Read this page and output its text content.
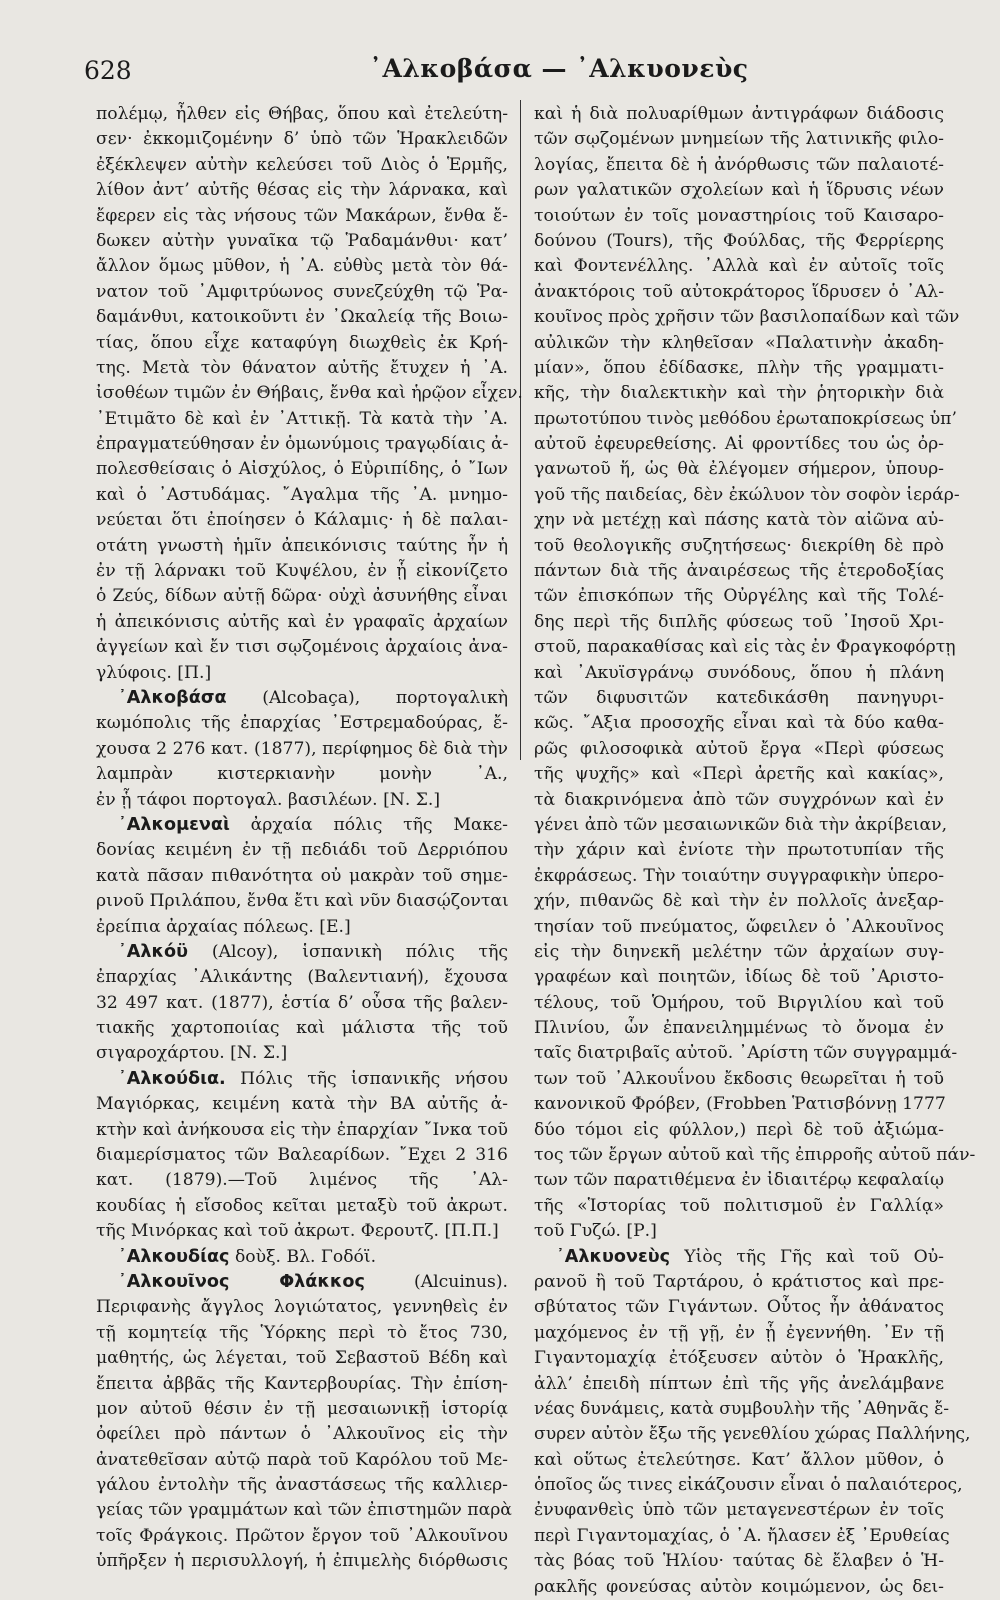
628	᾽Αλκοβάσα — ᾽Αλκυονεὺς
πολέμῳ, ἦλθεν εἰς Θήβας, ὅπου καὶ ἐτελεύτη-
σεν· ἐκκομιζομένην δ’ ὑπὸ τῶν Ἡρακλειδῶν
ἐξέκλεψεν αὐτὴν κελεύσει τοῦ Διὸς ὁ Ἑρμῆς,
λίθον ἀντ’ αὐτῆς θέσας εἰς τὴν λάρνακα, καὶ
ἔφερεν εἰς τὰς νήσους τῶν Μακάρων, ἔνθα ἔ-
δωκεν αὐτὴν γυναῖκα τῷ Ῥαδαμάνθυι· κατ’
ἄλλον ὅμως μῦθον, ἡ ᾽Α. εὐθὺς μετὰ τὸν θά-
νατον τοῦ ᾽Αμφιτρύωνος συνεζεύχθη τῷ Ῥα-
δαμάνθυι, κατοικοῦντι ἐν ᾽Ωκαλείᾳ τῆς Βοιω-
τίας, ὅπου εἶχε καταφύγη διωχθεὶς ἐκ Κρή-
της. Μετὰ τὸν θάνατον αὐτῆς ἔτυχεν ἡ ᾽Α.
ἰσοθέων τιμῶν ἐν Θήβαις, ἔνθα καὶ ἡρῷον εἶχεν.
᾽Ετιμᾶτο δὲ καὶ ἐν ᾽Αττικῇ. Τὰ κατὰ τὴν ᾽Α.
ἐπραγματεύθησαν ἐν ὁμωνύμοις τραγῳδίαις ἀ-
πολεσθείσαις ὁ Αἰσχύλος, ὁ Εὐριπίδης, ὁ ῎Ιων
καὶ ὁ ᾽Αστυδάμας. ῎Αγαλμα τῆς ᾽Α. μνημο-
νεύεται ὅτι ἐποίησεν ὁ Κάλαμις· ἡ δὲ παλαι-
οτάτη γνωστὴ ἡμῖν ἀπεικόνισις ταύτης ἦν ἡ
ἐν τῇ λάρνακι τοῦ Κυψέλου, ἐν ᾗ εἰκονίζετο
ὁ Ζεύς, δίδων αὐτῇ δῶρα· οὐχὶ ἀσυνήθης εἶναι
ἡ ἀπεικόνισις αὐτῆς καὶ ἐν γραφαῖς ἀρχαίων
ἀγγείων καὶ ἔν τισι σῳζομένοις ἀρχαίοις ἀνα-
γλύφοις. [Π.]
᾽Αλκοβάσα (Alcobaça), πορτογαλικὴ
κωμόπολις τῆς ἐπαρχίας ᾽Εστρεμαδούρας, ἔ-
χουσα 2 276 κατ. (1877), περίφημος δὲ διὰ τὴν
λαμπρὰν κιστερκιανὴν μονὴν ᾽Α.,
ἐν ᾗ τάφοι πορτογαλ. βασιλέων. [Ν. Σ.]
᾽Αλκομεναὶ ἀρχαία πόλις τῆς Μακε-
δονίας κειμένη ἐν τῇ πεδιάδι τοῦ Δερριόπου
κατὰ πᾶσαν πιθανότητα οὐ μακρὰν τοῦ σημε-
ρινοῦ Πριλάπου, ἔνθα ἔτι καὶ νῦν διασῴζονται
ἐρείπια ἀρχαίας πόλεως. [Ε.]
᾽Αλκόϋ (Alcoy), ἱσπανικὴ πόλις τῆς
ἐπαρχίας ᾽Αλικάντης (Βαλεντιανή), ἔχουσα
32 497 κατ. (1877), ἑστία δ’ οὖσα τῆς βαλεν-
τιακῆς χαρτοποιίας καὶ μάλιστα τῆς τοῦ
σιγαροχάρτου. [Ν. Σ.]
᾽Αλκούδια. Πόλις τῆς ἱσπανικῆς νήσου
Μαγιόρκας, κειμένη κατὰ τὴν ΒΑ αὐτῆς ἀ-
κτὴν καὶ ἀνήκουσα εἰς τὴν ἐπαρχίαν ῎Ινκα τοῦ
διαμερίσματος τῶν Βαλεαρίδων. ῎Εχει 2 316
κατ. (1879).—Τοῦ λιμένος τῆς ᾽Αλ-
κουδίας ἡ εἴσοδος κεῖται μεταξὺ τοῦ ἀκρωτ.
τῆς Μινόρκας καὶ τοῦ ἀκρωτ. Φερουτζ. [Π.Π.]
᾽Αλκουδίας δοὺξ. Βλ. Γοδόϊ.
᾽Αλκουῖνος Φλάκκος (Alcuinus).
Περιφανὴς ἄγγλος λογιώτατος, γεννηθεὶς ἐν
τῇ κομητείᾳ τῆς Ὑόρκης περὶ τὸ ἔτος 730,
μαθητής, ὡς λέγεται, τοῦ Σεβαστοῦ Βέδη καὶ
ἔπειτα ἀββᾶς τῆς Καντερβουρίας. Τὴν ἐπίση-
μον αὐτοῦ θέσιν ἐν τῇ μεσαιωνικῇ ἱστορίᾳ
ὀφείλει πρὸ πάντων ὁ ᾽Αλκουῖνος εἰς τὴν
ἀνατεθεῖσαν αὐτῷ παρὰ τοῦ Καρόλου τοῦ Με-
γάλου ἐντολὴν τῆς ἀναστάσεως τῆς καλλιερ-
γείας τῶν γραμμάτων καὶ τῶν ἐπιστημῶν παρὰ
τοῖς Φράγκοις. Πρῶτον ἔργον τοῦ ᾽Αλκουῖνου
ὑπῆρξεν ἡ περισυλλογή, ἡ ἐπιμελὴς διόρθωσις
καὶ ἡ διὰ πολυαρίθμων ἀντιγράφων διάδοσις
τῶν σῳζομένων μνημείων τῆς λατινικῆς φιλο-
λογίας, ἔπειτα δὲ ἡ ἀνόρθωσις τῶν παλαιοτέ-
ρων γαλατικῶν σχολείων καὶ ἡ ἵδρυσις νέων
τοιούτων ἐν τοῖς μοναστηρίοις τοῦ Καισαρο-
δούνου (Tours), τῆς Φούλδας, τῆς Φερρίερης
καὶ Φοντενέλλης. ᾽Αλλὰ καὶ ἐν αὐτοῖς τοῖς
ἀνακτόροις τοῦ αὐτοκράτορος ἵδρυσεν ὁ ᾽Αλ-
κουῖνος πρὸς χρῆσιν τῶν βασιλοπαίδων καὶ τῶν
αὐλικῶν τὴν κληθεῖσαν «Παλατινὴν ἀκαδη-
μίαν», ὅπου ἐδίδασκε, πλὴν τῆς γραμματι-
κῆς, τὴν διαλεκτικὴν καὶ τὴν ῥητορικὴν διὰ
πρωτοτύπου τινὸς μεθόδου ἐρωταποκρίσεως ὑπ’
αὐτοῦ ἐφευρεθείσης. Αἱ φροντίδες του ὡς ὀρ-
γανωτοῦ ἥ, ὡς θὰ ἐλέγομεν σήμερον, ὑπουρ-
γοῦ τῆς παιδείας, δὲν ἐκώλυον τὸν σοφὸν ἱεράρ-
χην νὰ μετέχῃ καὶ πάσης κατὰ τὸν αἰῶνα αὐ-
τοῦ θεολογικῆς συζητήσεως· διεκρίθη δὲ πρὸ
πάντων διὰ τῆς ἀναιρέσεως τῆς ἑτεροδοξίας
τῶν ἐπισκόπων τῆς Οὐργέλης καὶ τῆς Τολέ-
δης περὶ τῆς διπλῆς φύσεως τοῦ ᾽Ιησοῦ Χρι-
στοῦ, παρακαθίσας καὶ εἰς τὰς ἐν Φραγκοφόρτῃ
καὶ ᾽Ακυϊσγράνῳ συνόδους, ὅπου ἡ πλάνη
τῶν διφυσιτῶν κατεδικάσθη πανηγυρι-
κῶς. ῎Αξια προσοχῆς εἶναι καὶ τὰ δύο καθα-
ρῶς φιλοσοφικὰ αὐτοῦ ἔργα «Περὶ φύσεως
τῆς ψυχῆς» καὶ «Περὶ ἀρετῆς καὶ κακίας»,
τὰ διακρινόμενα ἀπὸ τῶν συγχρόνων καὶ ἐν
γένει ἀπὸ τῶν μεσαιωνικῶν διὰ τὴν ἀκρίβειαν,
τὴν χάριν καὶ ἐνίοτε τὴν πρωτοτυπίαν τῆς
ἐκφράσεως. Τὴν τοιαύτην συγγραφικὴν ὑπερο-
χήν, πιθανῶς δὲ καὶ τὴν ἐν πολλοῖς ἀνεξαρ-
τησίαν τοῦ πνεύματος, ὤφειλεν ὁ ᾽Αλκουῖνος
εἰς τὴν διηνεκῆ μελέτην τῶν ἀρχαίων συγ-
γραφέων καὶ ποιητῶν, ἰδίως δὲ τοῦ ᾽Αριστο-
τέλους, τοῦ Ὁμήρου, τοῦ Βιργιλίου καὶ τοῦ
Πλινίου, ὧν ἐπανειλημμένως τὸ ὄνομα ἐν
ταῖς διατριβαῖς αὐτοῦ. ᾽Αρίστη τῶν συγγραμμά-
των τοῦ ᾽Αλκουΐνου ἔκδοσις θεωρεῖται ἡ τοῦ
κανονικοῦ Φρόβεν, (Frobben Ῥατισβόννῃ 1777
δύο τόμοι εἰς φύλλον,) περὶ δὲ τοῦ ἀξιώμα-
τος τῶν ἔργων αὐτοῦ καὶ τῆς ἐπιρροῆς αὐτοῦ πάν-
των τῶν παρατιθέμενα ἐν ἰδιαιτέρῳ κεφαλαίῳ
τῆς «Ἱστορίας τοῦ πολιτισμοῦ ἐν Γαλλίᾳ»
τοῦ Γυζώ. [Ρ.]
᾽Αλκυονεὺς Υἱὸς τῆς Γῆς καὶ τοῦ Οὐ-
ρανοῦ ἢ τοῦ Ταρτάρου, ὁ κράτιστος καὶ πρε-
σβύτατος τῶν Γιγάντων. Οὗτος ἦν ἀθάνατος
μαχόμενος ἐν τῇ γῇ, ἐν ᾗ ἐγεννήθη. ᾽Εν τῇ
Γιγαντομαχίᾳ ἐτόξευσεν αὐτὸν ὁ Ἡρακλῆς,
ἀλλ’ ἐπειδὴ πίπτων ἐπὶ τῆς γῆς ἀνελάμβανε
νέας δυνάμεις, κατὰ συμβουλὴν τῆς ᾽Αθηνᾶς ἔ-
συρεν αὐτὸν ἔξω τῆς γενεθλίου χώρας Παλλήνης,
καὶ οὕτως ἐτελεύτησε. Κατ’ ἄλλον μῦθον, ὁ
ὁποῖος ὥς τινες εἰκάζουσιν εἶναι ὁ παλαιότερος,
ἐνυφανθεὶς ὑπὸ τῶν μεταγενεστέρων ἐν τοῖς
περὶ Γιγαντομαχίας, ὁ ᾽Α. ἤλασεν ἐξ ᾽Ερυθείας
τὰς βόας τοῦ Ἡλίου· ταύτας δὲ ἔλαβεν ὁ Ἡ-
ρακλῆς φονεύσας αὐτὸν κοιμώμενον, ὡς δει-
